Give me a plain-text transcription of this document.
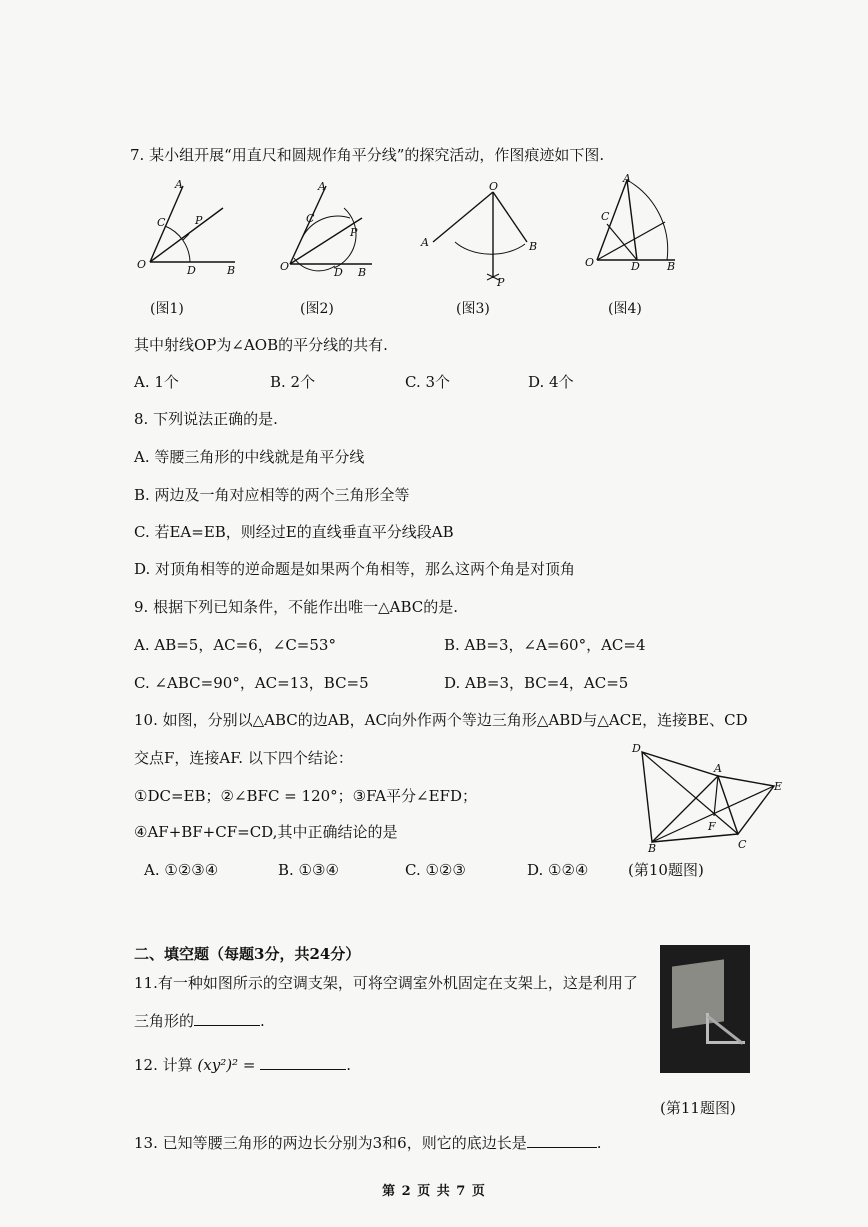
7. 某小组开展“用直尺和圆规作角平分线”的探究活动，作图痕迹如下图.
O
A
C	P
D	B
(图1)
O
A
C
P
D B
(图2)
O
A	B
P
(图3)
O
A
C
D B
(图4)
其中射线OP为∠AOB的平分线的共有.
A. 1个	B. 2个	C. 3个	D. 4个
8. 下列说法正确的是.
A. 等腰三角形的中线就是角平分线
B. 两边及一角对应相等的两个三角形全等
C. 若EA=EB，则经过E的直线垂直平分线段AB
D. 对顶角相等的逆命题是如果两个角相等，那么这两个角是对顶角
9. 根据下列已知条件，不能作出唯一△ABC的是.
A. AB=5，AC=6，∠C=53°	B. AB=3，∠A=60°，AC=4
C. ∠ABC=90°，AC=13，BC=5	D. AB=3，BC=4，AC=5
10. 如图，分别以△ABC的边AB，AC向外作两个等边三角形△ABD与△ACE，连接BE、CD
交点F，连接AF. 以下四个结论：
①DC=EB；②∠BFC = 120°；③FA平分∠EFD；
④AF+BF+CF=CD,其中正确结论的是
D
A
E
F
B	C
A. ①②③④	B. ①③④	C. ①②③	D. ①②④	(第10题图)
二、填空题（每题3分，共24分）
11.有一种如图所示的空调支架，可将空调室外机固定在支架上，这是利用了
三角形的	.
(第11题图)
12. 计算 (xy²)² =	.
13. 已知等腰三角形的两边长分别为3和6，则它的底边长是	.
第 2 页 共 7 页
